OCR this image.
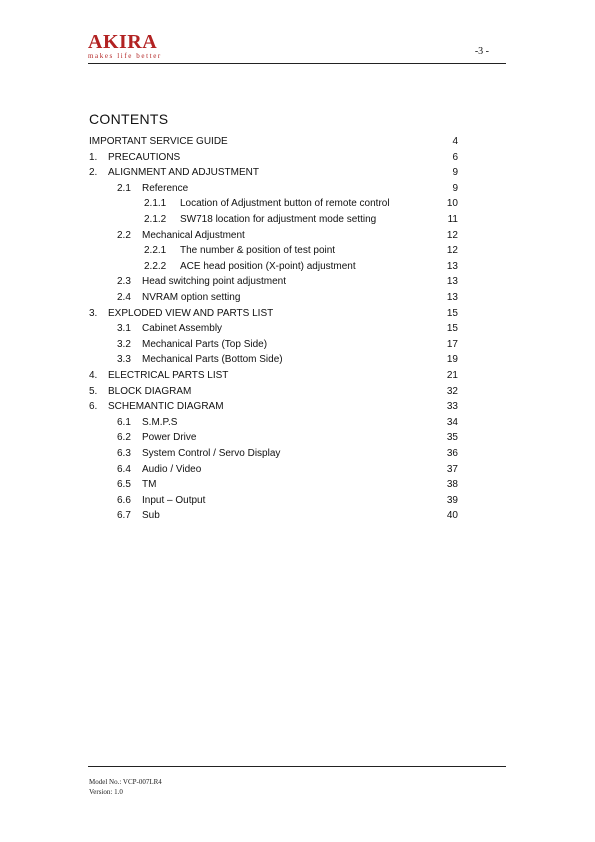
AKIRA
makes life better	-3 -
CONTENTS
IMPORTANT SERVICE GUIDE	4
1. PRECAUTIONS	6
2. ALIGNMENT AND ADJUSTMENT	9
2.1 Reference	9
2.1.1 Location of Adjustment button of remote control	10
2.1.2 SW718 location for adjustment mode setting	11
2.2 Mechanical Adjustment	12
2.2.1 The number & position of test point	12
2.2.2 ACE head position (X-point) adjustment	13
2.3 Head switching point adjustment	13
2.4 NVRAM option setting	13
3. EXPLODED VIEW AND PARTS LIST	15
3.1 Cabinet Assembly	15
3.2 Mechanical Parts (Top Side)	17
3.3 Mechanical Parts (Bottom Side)	19
4. ELECTRICAL PARTS LIST	21
5. BLOCK DIAGRAM	32
6. SCHEMANTIC DIAGRAM	33
6.1 S.M.P.S	34
6.2 Power Drive	35
6.3 System Control / Servo Display	36
6.4 Audio / Video	37
6.5 TM	38
6.6 Input – Output	39
6.7 Sub	40
Model No.: VCP-007LR4
Version: 1.0
